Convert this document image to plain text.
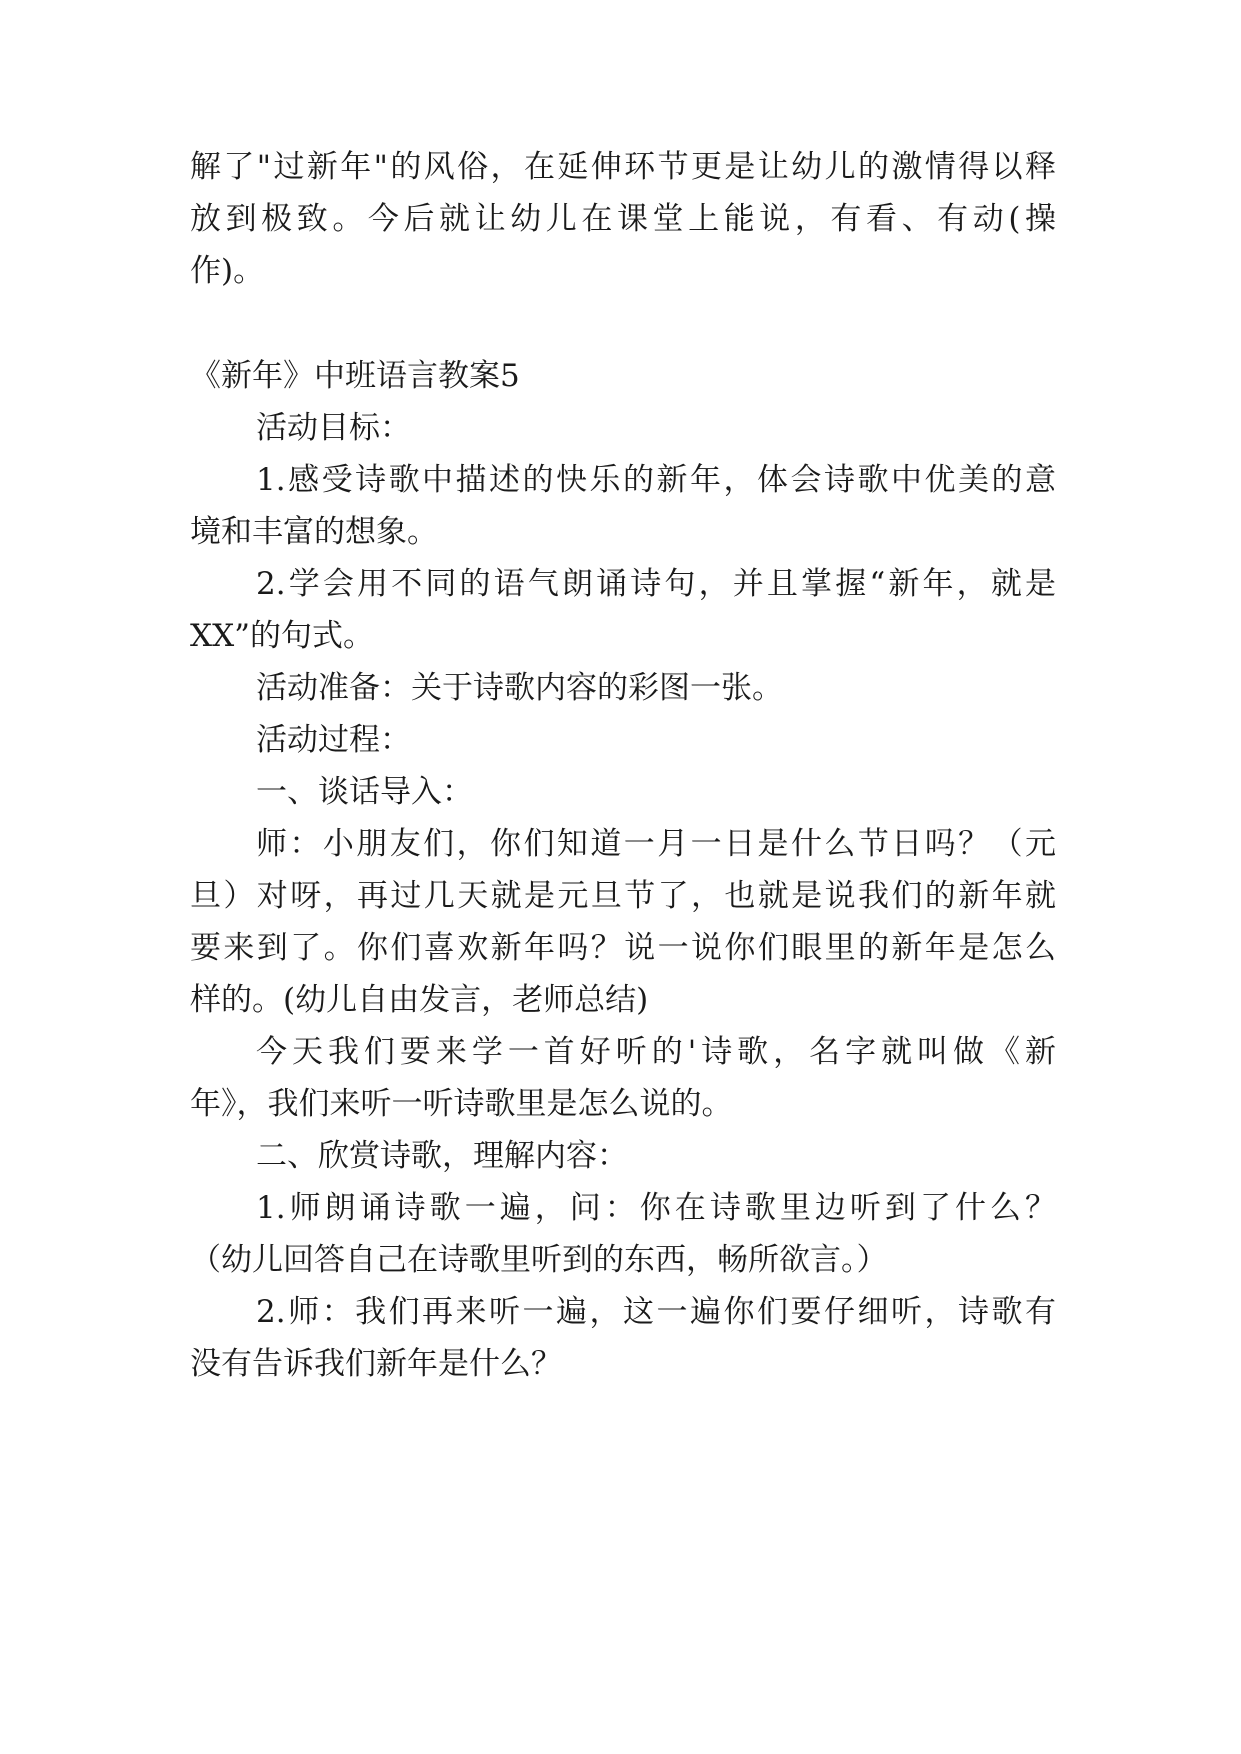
解了"过新年"的风俗，在延伸环节更是让幼儿的激情得以释
放到极致。今后就让幼儿在课堂上能说，有看、有动(操
作)。
《新年》中班语言教案5
活动目标：
1.感受诗歌中描述的快乐的新年，体会诗歌中优美的意
境和丰富的想象。
2.学会用不同的语气朗诵诗句，并且掌握“新年，就是
XX”的句式。
活动准备：关于诗歌内容的彩图一张。
活动过程：
一、谈话导入：
师：小朋友们，你们知道一月一日是什么节日吗？（元
旦）对呀，再过几天就是元旦节了，也就是说我们的新年就
要来到了。你们喜欢新年吗？说一说你们眼里的新年是怎么
样的。(幼儿自由发言，老师总结)
今天我们要来学一首好听的'诗歌，名字就叫做《新
年》，我们来听一听诗歌里是怎么说的。
二、欣赏诗歌，理解内容：
1.师朗诵诗歌一遍，问：你在诗歌里边听到了什么？
（幼儿回答自己在诗歌里听到的东西，畅所欲言。）
2.师：我们再来听一遍，这一遍你们要仔细听，诗歌有
没有告诉我们新年是什么？
